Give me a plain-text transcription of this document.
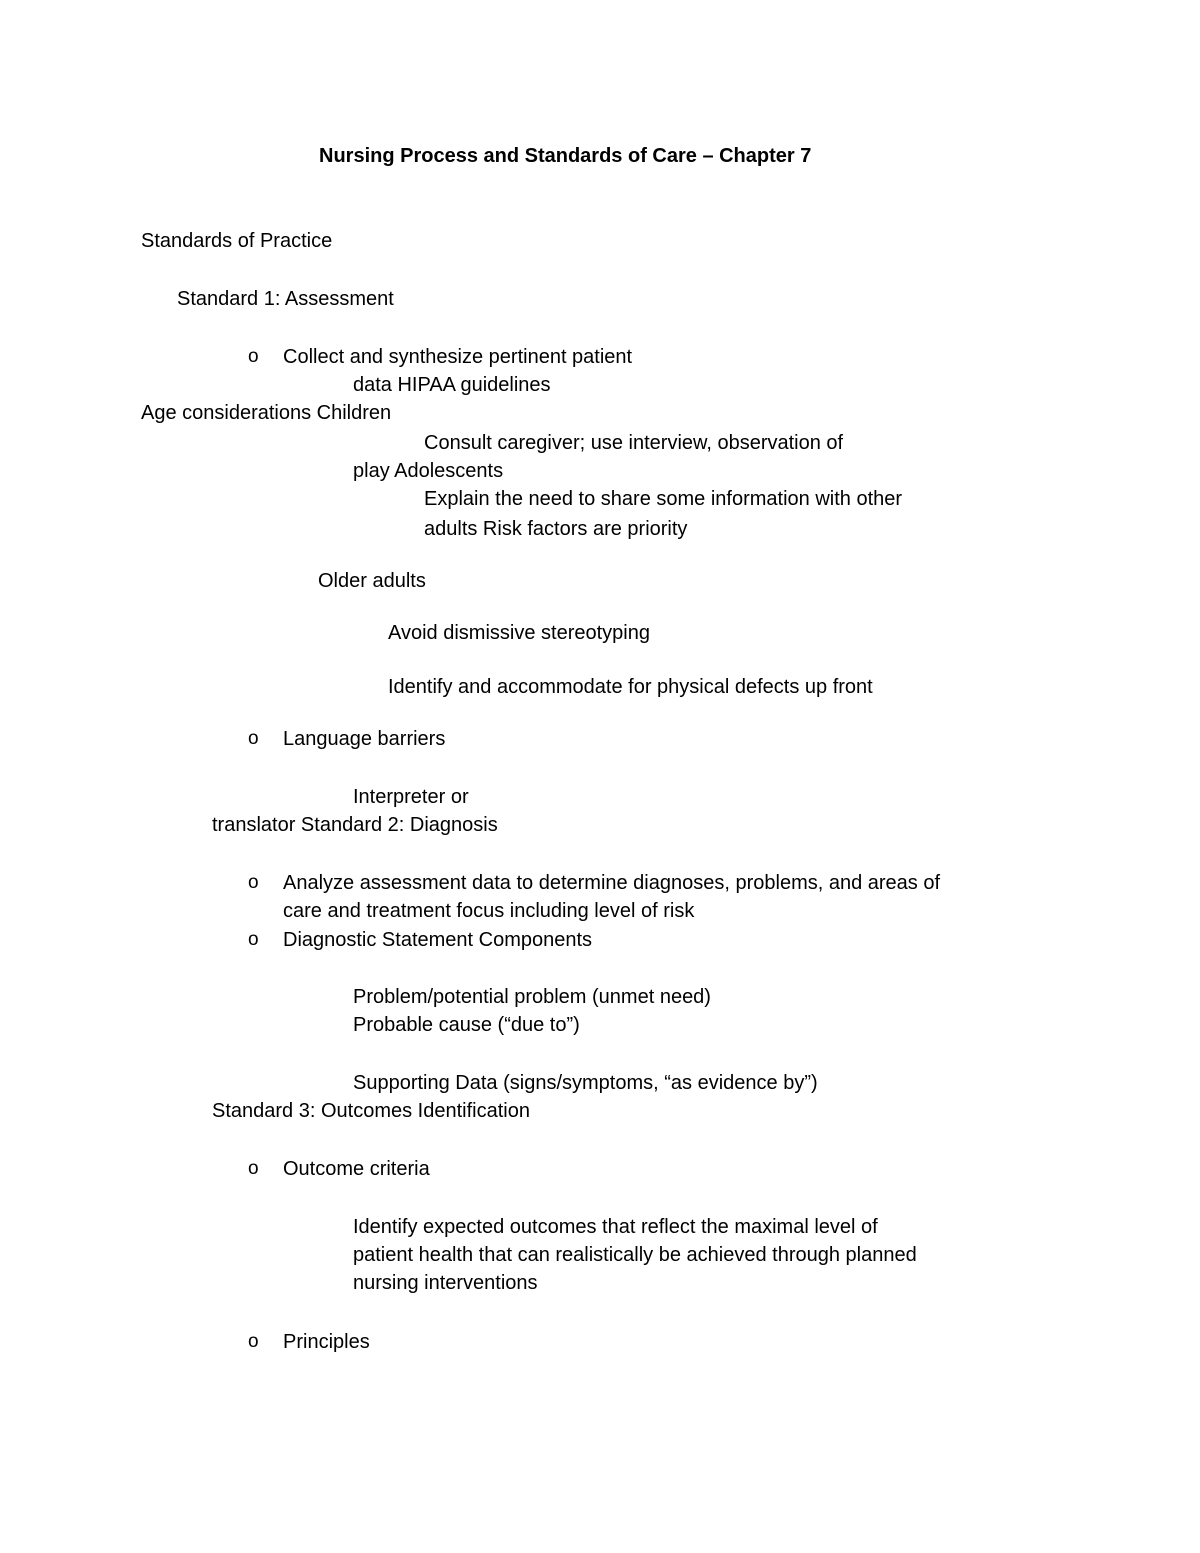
Nursing Process and Standards of Care – Chapter 7
Standards of Practice
Standard 1: Assessment
o Collect and synthesize pertinent patient
data HIPAA guidelines
Age considerations Children
Consult caregiver; use interview, observation of
play Adolescents
Explain the need to share some information with other
adults Risk factors are priority
Older adults
Avoid dismissive stereotyping
Identify and accommodate for physical defects up front
o Language barriers
Interpreter or
translator Standard 2: Diagnosis
o Analyze assessment data to determine diagnoses, problems, and areas of
care and treatment focus including level of risk
o Diagnostic Statement Components
Problem/potential problem (unmet need)
Probable cause (“due to”)
Supporting Data (signs/symptoms, “as evidence by”)
Standard 3: Outcomes Identification
o Outcome criteria
Identify expected outcomes that reflect the maximal level of
patient health that can realistically be achieved through planned
nursing interventions
o Principles
